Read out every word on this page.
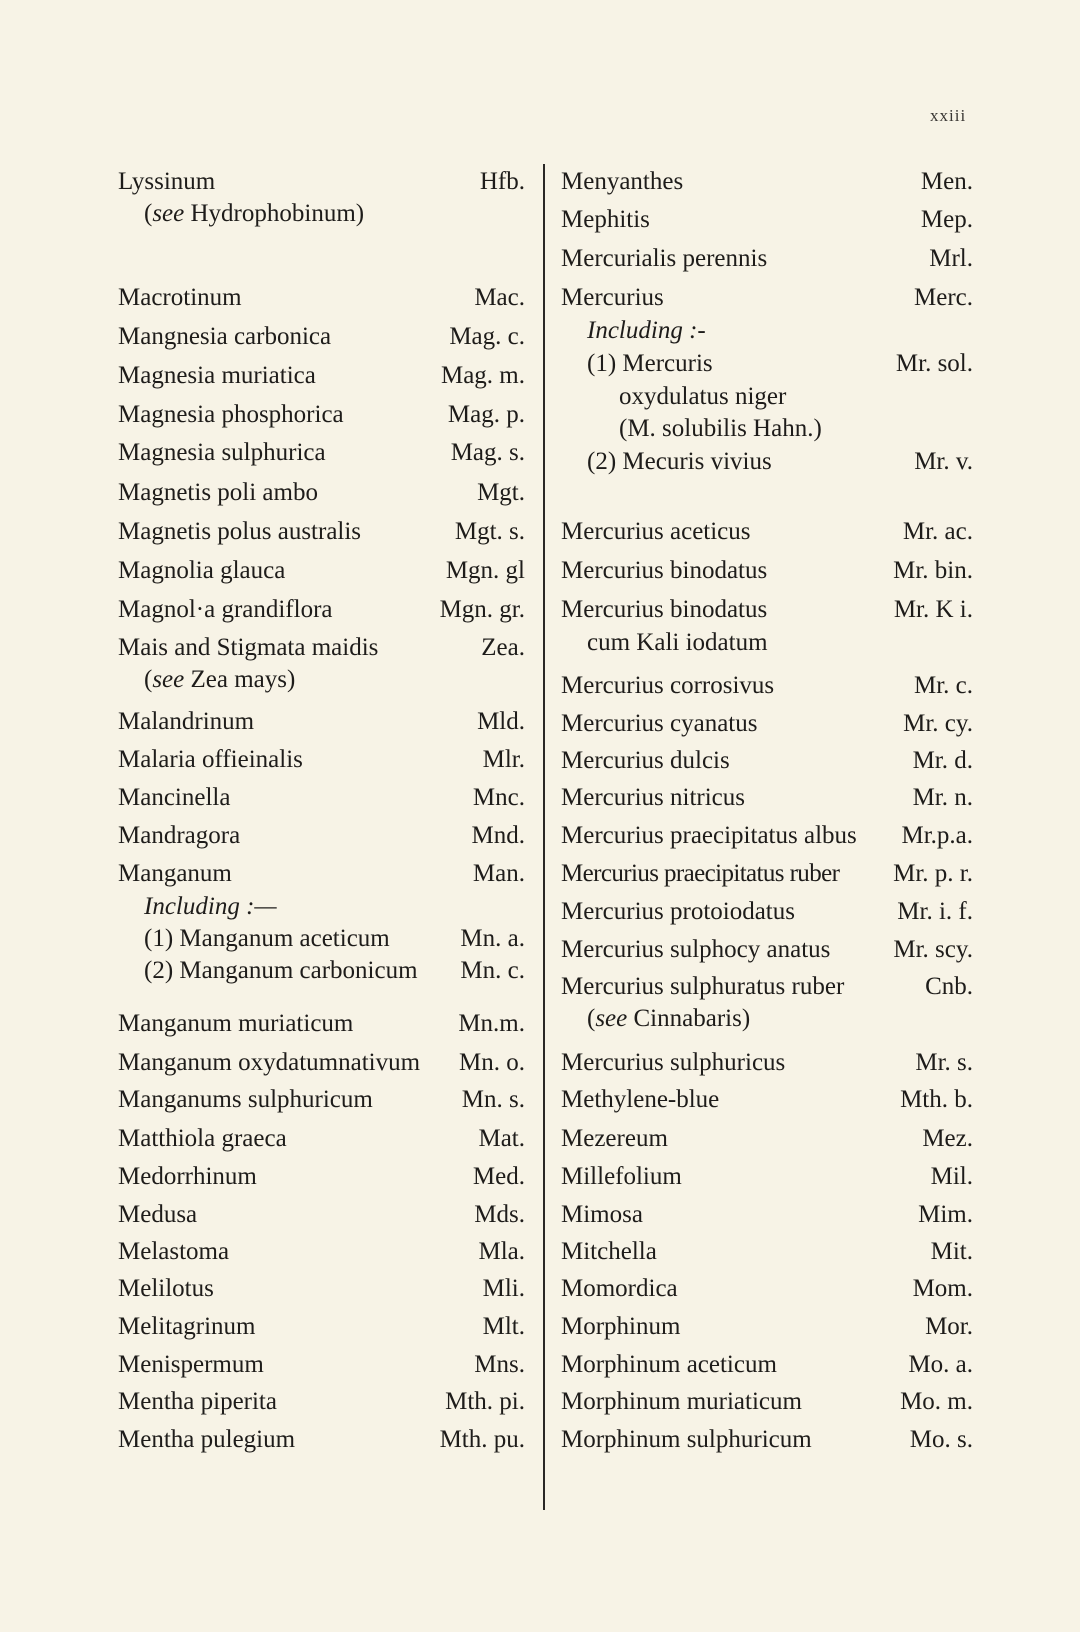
xxiii
Lyssinum	Hfb.
(see Hydrophobinum)
Macrotinum	Mac.
Mangnesia carbonica	Mag. c.
Magnesia muriatica	Mag. m.
Magnesia phosphorica	Mag. p.
Magnesia sulphurica	Mag. s.
Magnetis poli ambo	Mgt.
Magnetis polus australis	Mgt. s.
Magnolia glauca	Mgn. gl
Magnol·a grandiflora	Mgn. gr.
Mais and Stigmata maidis	Zea.
(see Zea mays)
Malandrinum	Mld.
Malaria offieinalis	Mlr.
Mancinella	Mnc.
Mandragora	Mnd.
Manganum	Man.
Including :—
(1) Manganum aceticum	Mn. a.
(2) Manganum carbonicum Mn. c.
Manganum muriaticum	Mn.m.
Manganum oxydatumnativum Mn. o.
Manganums sulphuricum	Mn. s.
Matthiola graeca	Mat.
Medorrhinum	Med.
Medusa	Mds.
Melastoma	Mla.
Melilotus	Mli.
Melitagrinum	Mlt.
Menispermum	Mns.
Mentha piperita	Mth. pi.
Mentha pulegium	Mth. pu.
Menyanthes	Men.
Mephitis	Mep.
Mercurialis perennis	Mrl.
Mercurius	Merc.
Including :-
(1) Mercuris	Mr. sol.
oxydulatus niger
(M. solubilis Hahn.)
(2) Mecuris vivius	Mr. v.
Mercurius aceticus	Mr. ac.
Mercurius binodatus	Mr. bin.
Mercurius binodatus	Mr. K i.
cum Kali iodatum
Mercurius corrosivus	Mr. c.
Mercurius cyanatus	Mr. cy.
Mercurius dulcis	Mr. d.
Mercurius nitricus	Mr. n.
Mercurius praecipitatus albus Mr.p.a.
Mercurius praecipitatus ruber Mr. p. r.
Mercurius protoiodatus	Mr. i. f.
Mercurius sulphocy anatus	Mr. scy.
Mercurius sulphuratus ruber	Cnb.
(see Cinnabaris)
Mercurius sulphuricus	Mr. s.
Methylene-blue	Mth. b.
Mezereum	Mez.
Millefolium	Mil.
Mimosa	Mim.
Mitchella	Mit.
Momordica	Mom.
Morphinum	Mor.
Morphinum aceticum	Mo. a.
Morphinum muriaticum	Mo. m.
Morphinum sulphuricum	Mo. s.
